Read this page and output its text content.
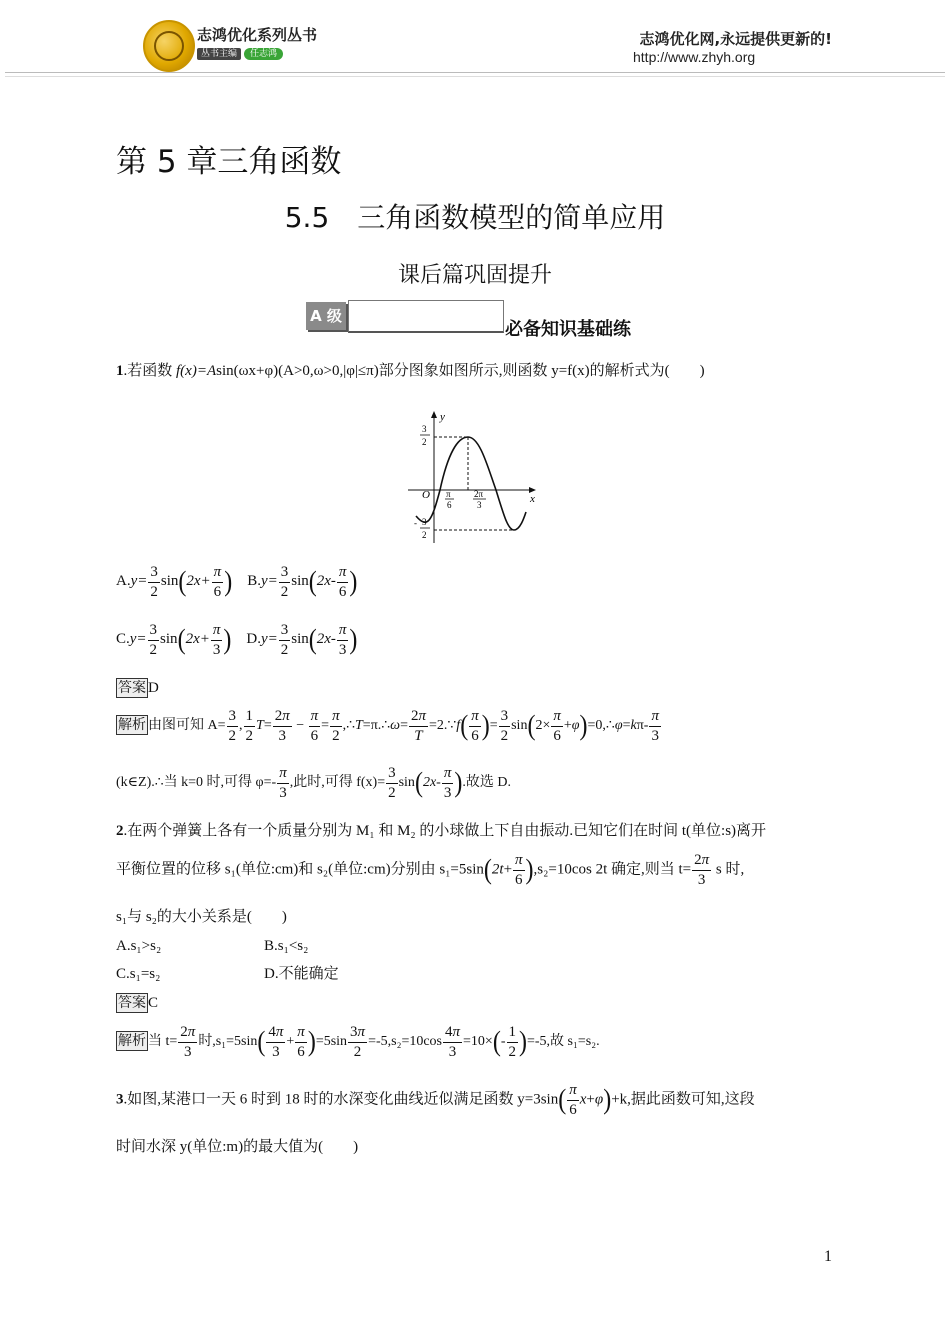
志鸿优化系列丛书
丛书主编	任志鸿
志鸿优化网,永远提供更新的!
http://www.zhyh.org
第 5 章三角函数
5.5　三角函数模型的简单应用
课后篇巩固提升
A 级
必备知识基础练
1.若函数 f(x)=Asin(ωx+φ)(A>0,ω>0,|φ|≤π)部分图象如图所示,则函数 y=f(x)的解析式为(　　)
y
x
O
3
2
- 3
2
π
6
2π
3
$A.y= \frac{3}{2} \sin(2x+ \frac{\pi}{6}$ ) $B.y= \frac{3}{2} \sin(2x- \frac{\pi}{6}$ )
$C.y= \frac{3}{2} \sin(2x+ \frac{\pi}{3}$ ) $D.y= \frac{3}{2} \sin(2x- \frac{\pi}{3}$ )
答案 D
解析 由图可知 $A= \frac{3}{2}$ , $\frac{1}{2} T= \frac{2\pi}{3} - \frac{\pi}{6} = \frac{\pi}{2}$ ,∴T=π.∴ω= $\frac{2\pi}{T}$ =2.∵f( $\frac{\pi}{6}$ )= $\frac{3}{2} \sin(2\times \frac{\pi}{6}$ +φ)=0,∴φ=kπ- $\frac{\pi}{3}$
(k∈Z).∴当 k=0 时,可得 $\varphi=- \frac{\pi}{3}$ ,此时,可得 $f(x)= \frac{3}{2} \sin(2x- \frac{\pi}{3}$ ).故选 D.
2.在两个弹簧上各有一个质量分别为 M₁ 和 M₂ 的小球做上下自由振动.已知它们在时间 t(单位:s)离开
平衡位置的位移 s₁(单位:cm)和 s₂(单位:cm)分别由 $s_1=5\sin(2t+ \frac{\pi}{6} ),s_2=10\cos$ 2t 确定,则当 $t= \frac{2\pi}{3}$ s 时,
s₁与 s₂的大小关系是(　　)
A.s₁>s₂	B.s₁<s₂
C.s₁=s₂	D.不能确定
答案 C
解析 当 $t= \frac{2\pi}{3}$ 时$,s_1=5\sin( \frac{4\pi}{3} + \frac{\pi}{6} )=5\sin \frac{3\pi}{2} =-5,s_2=10\cos \frac{4\pi}{3} =10\times(- \frac{1}{2} )=-5$,故 s₁=s₂.
3.如图,某港口一天 6 时到 18 时的水深变化曲线近似满足函数 $y=3\sin( \frac{\pi}{6} x+\varphi)+k$,据此函数可知,这段
时间水深 y(单位:m)的最大值为(　　)
1
